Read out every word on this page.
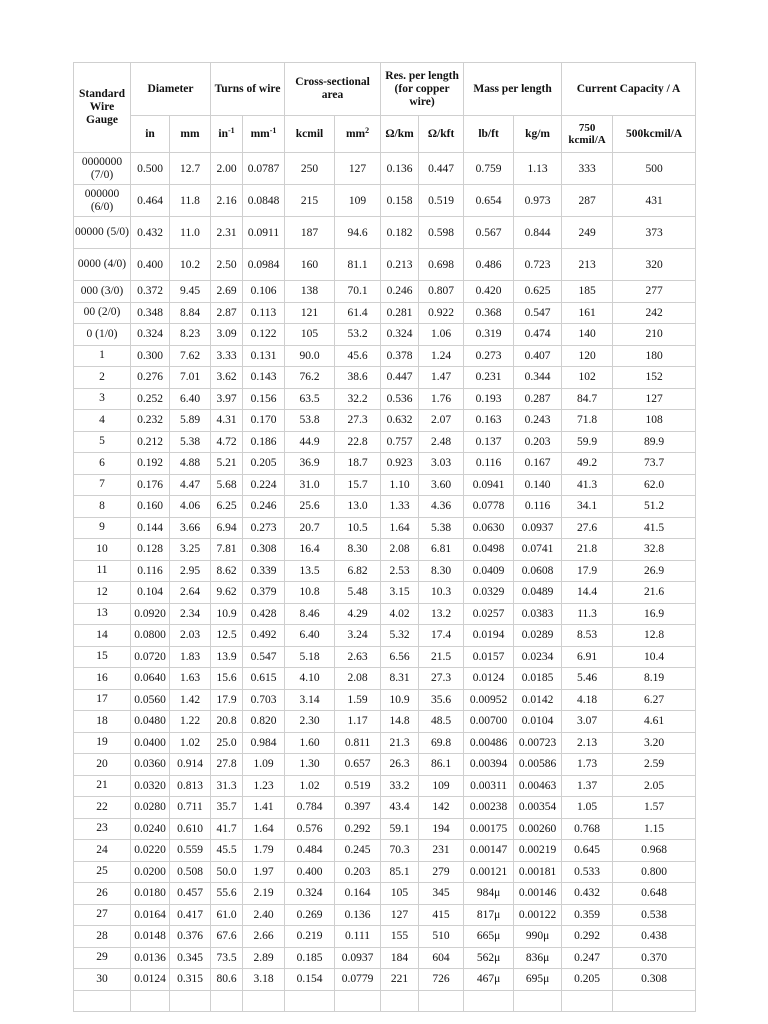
Standard Wire Gauge	Diameter		Turns of wire		Cross-sectional area		Res. per length (for copper wire)		Mass per length		Current Capacity / A	
	in	mm	$in^{-1}$	$mm^{-1}$	kcmil	$mm^2$	Ω/km	Ω/kft	lb/ft	kg/m	750 kcmil/A	500kcmil/A
0000000 (7/0)	0.500	12.7	2.00	0.0787	250	127	0.136	0.447	0.759	1.13	333	500
000000 (6/0)	0.464	11.8	2.16	0.0848	215	109	0.158	0.519	0.654	0.973	287	431
00000 (5/0)	0.432	11.0	2.31	0.0911	187	94.6	0.182	0.598	0.567	0.844	249	373
0000 (4/0)	0.400	10.2	2.50	0.0984	160	81.1	0.213	0.698	0.486	0.723	213	320
000 (3/0)	0.372	9.45	2.69	0.106	138	70.1	0.246	0.807	0.420	0.625	185	277
00 (2/0)	0.348	8.84	2.87	0.113	121	61.4	0.281	0.922	0.368	0.547	161	242
0 (1/0)	0.324	8.23	3.09	0.122	105	53.2	0.324	1.06	0.319	0.474	140	210
1	0.300	7.62	3.33	0.131	90.0	45.6	0.378	1.24	0.273	0.407	120	180
2	0.276	7.01	3.62	0.143	76.2	38.6	0.447	1.47	0.231	0.344	102	152
3	0.252	6.40	3.97	0.156	63.5	32.2	0.536	1.76	0.193	0.287	84.7	127
4	0.232	5.89	4.31	0.170	53.8	27.3	0.632	2.07	0.163	0.243	71.8	108
5	0.212	5.38	4.72	0.186	44.9	22.8	0.757	2.48	0.137	0.203	59.9	89.9
6	0.192	4.88	5.21	0.205	36.9	18.7	0.923	3.03	0.116	0.167	49.2	73.7
7	0.176	4.47	5.68	0.224	31.0	15.7	1.10	3.60	0.0941	0.140	41.3	62.0
8	0.160	4.06	6.25	0.246	25.6	13.0	1.33	4.36	0.0778	0.116	34.1	51.2
9	0.144	3.66	6.94	0.273	20.7	10.5	1.64	5.38	0.0630	0.0937	27.6	41.5
10	0.128	3.25	7.81	0.308	16.4	8.30	2.08	6.81	0.0498	0.0741	21.8	32.8
11	0.116	2.95	8.62	0.339	13.5	6.82	2.53	8.30	0.0409	0.0608	17.9	26.9
12	0.104	2.64	9.62	0.379	10.8	5.48	3.15	10.3	0.0329	0.0489	14.4	21.6
13	0.0920	2.34	10.9	0.428	8.46	4.29	4.02	13.2	0.0257	0.0383	11.3	16.9
14	0.0800	2.03	12.5	0.492	6.40	3.24	5.32	17.4	0.0194	0.0289	8.53	12.8
15	0.0720	1.83	13.9	0.547	5.18	2.63	6.56	21.5	0.0157	0.0234	6.91	10.4
16	0.0640	1.63	15.6	0.615	4.10	2.08	8.31	27.3	0.0124	0.0185	5.46	8.19
17	0.0560	1.42	17.9	0.703	3.14	1.59	10.9	35.6	0.00952	0.0142	4.18	6.27
18	0.0480	1.22	20.8	0.820	2.30	1.17	14.8	48.5	0.00700	0.0104	3.07	4.61
19	0.0400	1.02	25.0	0.984	1.60	0.811	21.3	69.8	0.00486	0.00723	2.13	3.20
20	0.0360	0.914	27.8	1.09	1.30	0.657	26.3	86.1	0.00394	0.00586	1.73	2.59
21	0.0320	0.813	31.3	1.23	1.02	0.519	33.2	109	0.00311	0.00463	1.37	2.05
22	0.0280	0.711	35.7	1.41	0.784	0.397	43.4	142	0.00238	0.00354	1.05	1.57
23	0.0240	0.610	41.7	1.64	0.576	0.292	59.1	194	0.00175	0.00260	0.768	1.15
24	0.0220	0.559	45.5	1.79	0.484	0.245	70.3	231	0.00147	0.00219	0.645	0.968
25	0.0200	0.508	50.0	1.97	0.400	0.203	85.1	279	0.00121	0.00181	0.533	0.800
26	0.0180	0.457	55.6	2.19	0.324	0.164	105	345	984μ	0.00146	0.432	0.648
27	0.0164	0.417	61.0	2.40	0.269	0.136	127	415	817μ	0.00122	0.359	0.538
28	0.0148	0.376	67.6	2.66	0.219	0.111	155	510	665μ	990μ	0.292	0.438
29	0.0136	0.345	73.5	2.89	0.185	0.0937	184	604	562μ	836μ	0.247	0.370
30	0.0124	0.315	80.6	3.18	0.154	0.0779	221	726	467μ	695μ	0.205	0.308
